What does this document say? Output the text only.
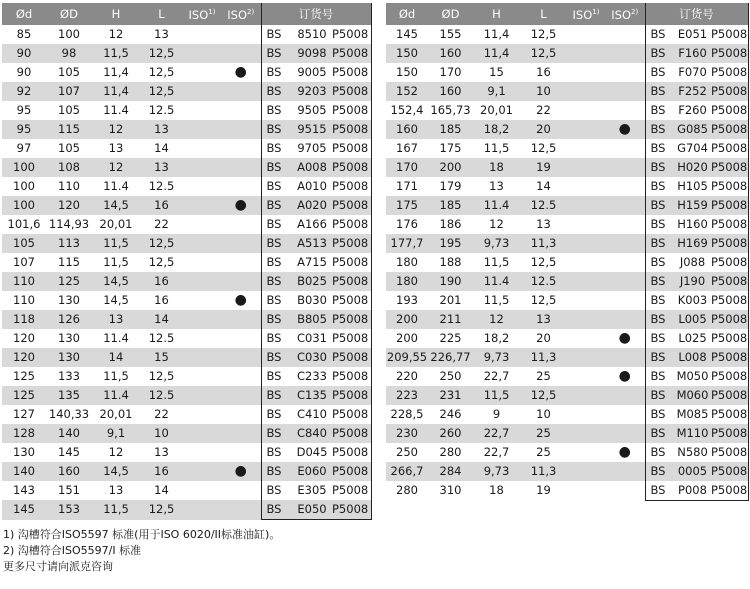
Ød	ØD	H	L	ISO$^{1)}$	ISO$^{2)}$	订货号		
85	100	12	13			BS	8510	P5008
90	98	11,5	12,5			BS	9098	P5008
90	105	11,4	12,5		●	BS	9005	P5008
92	107	11,4	12,5			BS	9203	P5008
95	105	11.4	12.5			BS	9505	P5008
95	115	12	13			BS	9515	P5008
97	105	13	14			BS	9705	P5008
100	108	12	13			BS	A008	P5008
100	110	11.4	12.5			BS	A010	P5008
100	120	14,5	16		●	BS	A020	P5008
101,6	114,93	20,01	22			BS	A166	P5008
105	113	11,5	12,5			BS	A513	P5008
107	115	11,5	12,5			BS	A715	P5008
110	125	14,5	16			BS	B025	P5008
110	130	14,5	16		●	BS	B030	P5008
118	126	13	14			BS	B805	P5008
120	130	11.4	12.5			BS	C031	P5008
120	130	14	15			BS	C030	P5008
125	133	11,5	12,5			BS	C233	P5008
125	135	11.4	12.5			BS	C135	P5008
127	140,33	20,01	22			BS	C410	P5008
128	140	9,1	10			BS	C840	P5008
130	145	12	13			BS	D045	P5008
140	160	14,5	16		●	BS	E060	P5008
143	151	13	14			BS	E305	P5008
145	153	11,5	12,5			BS	E050	P5008
Ød	ØD	H	L	ISO$^{1)}$	ISO$^{2)}$	订货号		
145	155	11,4	12,5			BS	E051	P5008
150	160	11,4	12,5			BS	F160	P5008
150	170	15	16			BS	F070	P5008
152	160	9,1	10			BS	F252	P5008
152,4	165,73	20,01	22			BS	F260	P5008
160	185	18,2	20		●	BS	G085	P5008
167	175	11,5	12,5			BS	G704	P5008
170	200	18	19			BS	H020	P5008
171	179	13	14			BS	H105	P5008
175	185	11.4	12.5			BS	H159	P5008
176	186	12	13			BS	H160	P5008
177,7	195	9,73	11,3			BS	H169	P5008
180	188	11,5	12,5			BS	J088	P5008
180	190	11.4	12.5			BS	J190	P5008
193	201	11,5	12,5			BS	K003	P5008
200	211	12	13			BS	L005	P5008
200	225	18,2	20		●	BS	L025	P5008
209,55	226,77	9,73	11,3			BS	L008	P5008
220	250	22,7	25		●	BS	M050	P5008
223	231	11,5	12,5			BS	M060	P5008
228,5	246	9	10			BS	M085	P5008
230	260	22,7	25			BS	M110	P5008
250	280	22,7	25		●	BS	N580	P5008
266,7	284	9,73	11,3			BS	0005	P5008
280	310	18	19			BS	P008	P5008
1) 沟槽符合ISO5597 标准(用于ISO 6020/II标准油缸)。
2) 沟槽符合ISO5597/I 标准
更多尺寸请向派克咨询
